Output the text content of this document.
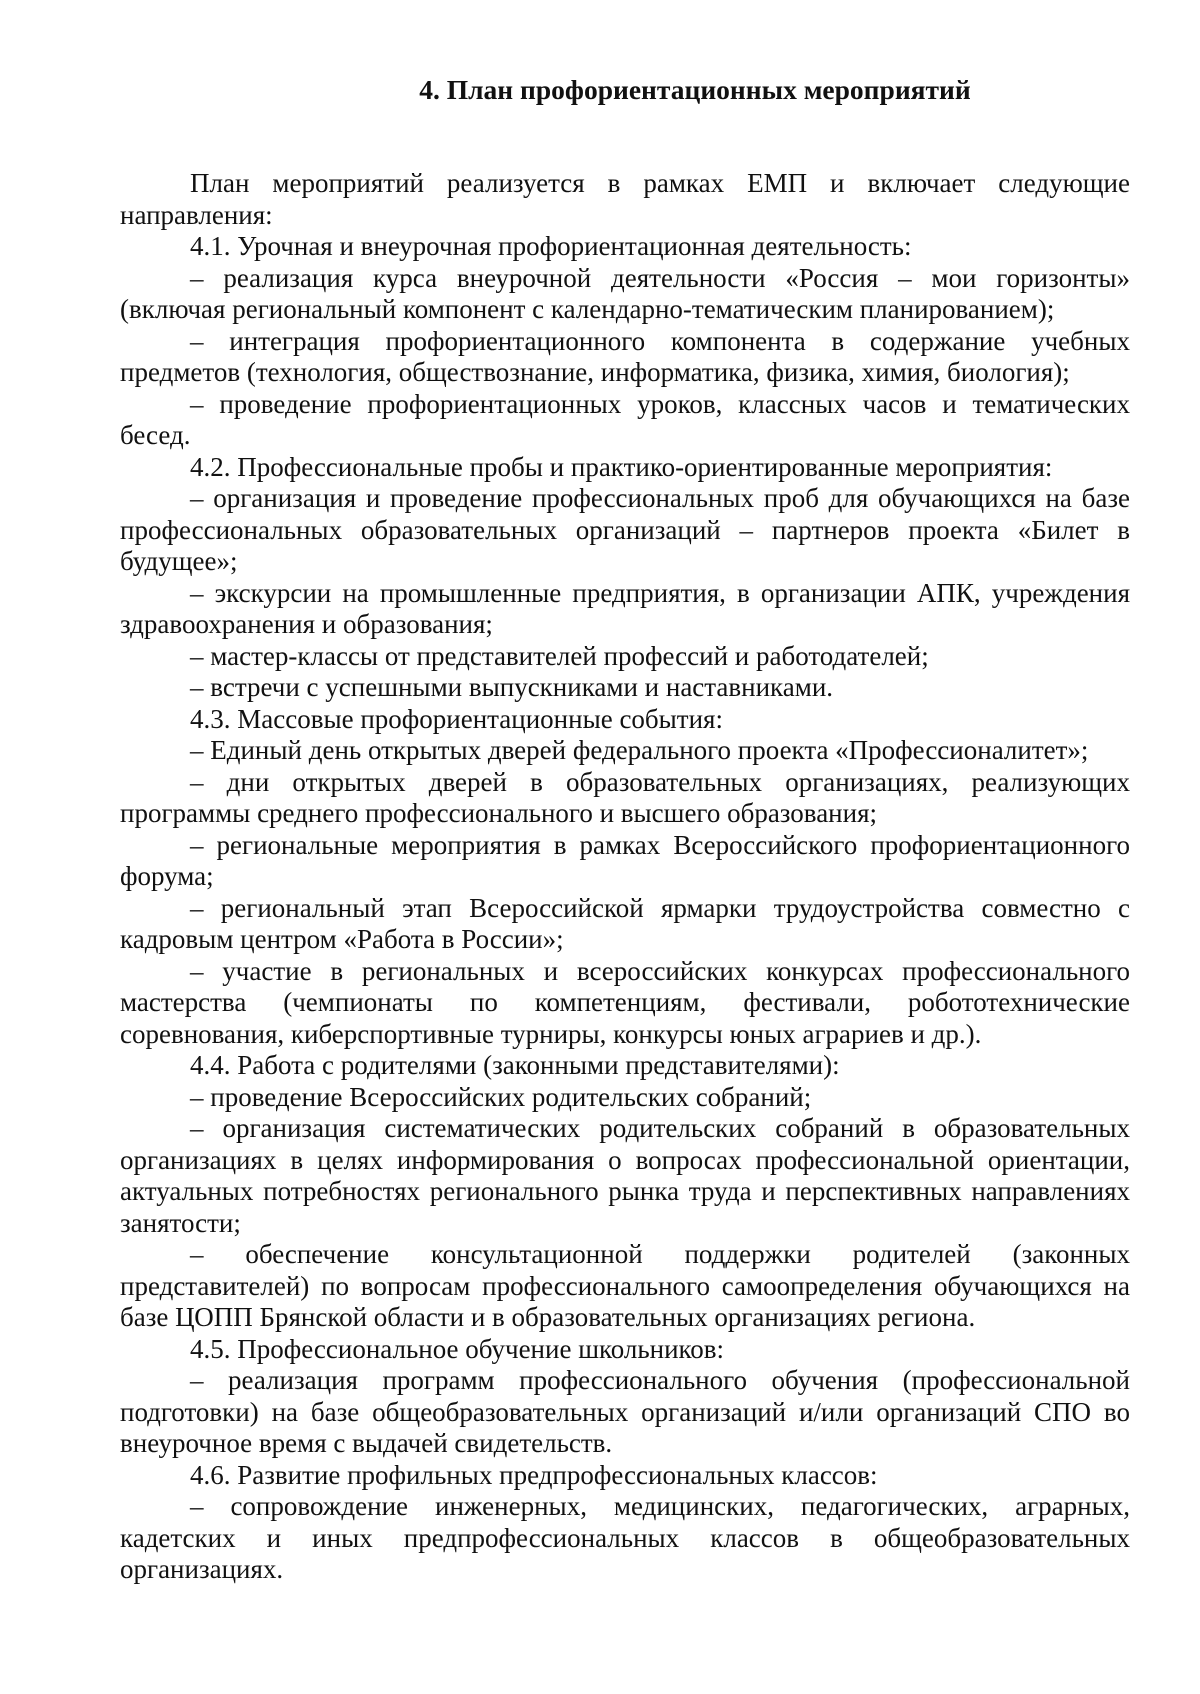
4. План профориентационных мероприятий

План мероприятий реализуется в рамках ЕМП и включает следующие направления:

4.1. Урочная и внеурочная профориентационная деятельность:

– реализация курса внеурочной деятельности «Россия – мои горизонты» (включая региональный компонент с календарно-тематическим планированием);

– интеграция профориентационного компонента в содержание учебных предметов (технология, обществознание, информатика, физика, химия, биология);

– проведение профориентационных уроков, классных часов и тематических бесед.

4.2. Профессиональные пробы и практико-ориентированные мероприятия:

– организация и проведение профессиональных проб для обучающихся на базе профессиональных образовательных организаций – партнеров проекта «Билет в будущее»;

– экскурсии на промышленные предприятия, в организации АПК, учреждения здравоохранения и образования;

– мастер-классы от представителей профессий и работодателей;

– встречи с успешными выпускниками и наставниками.

4.3. Массовые профориентационные события:

– Единый день открытых дверей федерального проекта «Профессионалитет»;

– дни открытых дверей в образовательных организациях, реализующих программы среднего профессионального и высшего образования;

– региональные мероприятия в рамках Всероссийского профориентационного форума;

– региональный этап Всероссийской ярмарки трудоустройства совместно с кадровым центром «Работа в России»;

– участие в региональных и всероссийских конкурсах профессионального мастерства (чемпионаты по компетенциям, фестивали, робототехнические соревнования, киберспортивные турниры, конкурсы юных аграриев и др.).

4.4. Работа с родителями (законными представителями):

– проведение Всероссийских родительских собраний;

– организация систематических родительских собраний в образовательных организациях в целях информирования о вопросах профессиональной ориентации, актуальных потребностях регионального рынка труда и перспективных направлениях занятости;

– обеспечение консультационной поддержки родителей (законных представителей) по вопросам профессионального самоопределения обучающихся на базе ЦОПП Брянской области и в образовательных организациях региона.

4.5. Профессиональное обучение школьников:

– реализация программ профессионального обучения (профессиональной подготовки) на базе общеобразовательных организаций и/или организаций СПО во внеурочное время с выдачей свидетельств.

4.6. Развитие профильных предпрофессиональных классов:

– сопровождение инженерных, медицинских, педагогических, аграрных, кадетских и иных предпрофессиональных классов в общеобразовательных организациях.
